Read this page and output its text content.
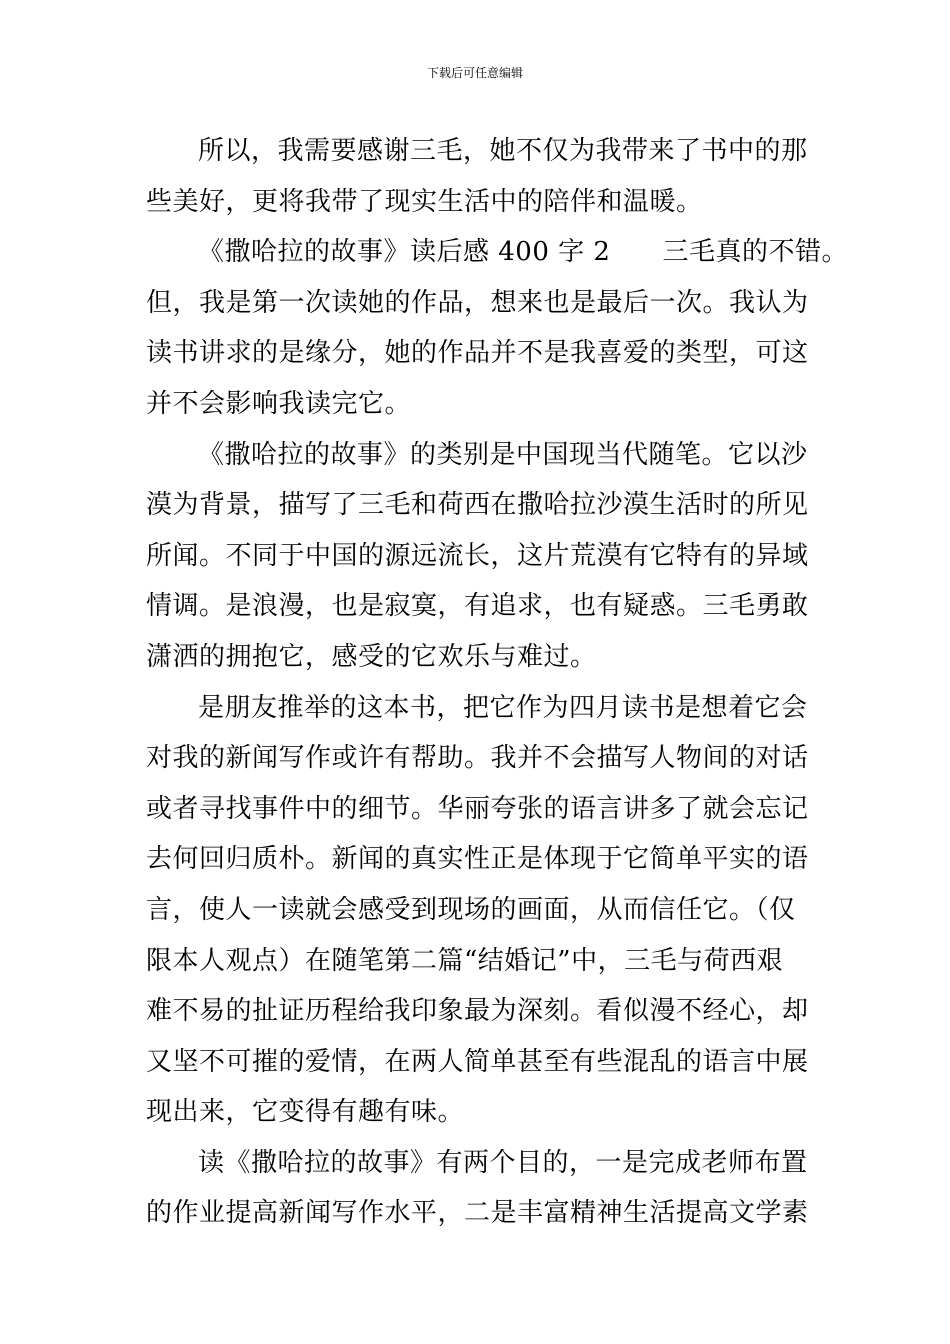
下载后可任意编辑
所以，我需要感谢三毛，她不仅为我带来了书中的那
些美好，更将我带了现实生活中的陪伴和温暖。
《撒哈拉的故事》读后感 400 字 2 三毛真的不错。
但，我是第一次读她的作品，想来也是最后一次。我认为
读书讲求的是缘分，她的作品并不是我喜爱的类型，可这
并不会影响我读完它。
《撒哈拉的故事》的类别是中国现当代随笔。它以沙
漠为背景，描写了三毛和荷西在撒哈拉沙漠生活时的所见
所闻。不同于中国的源远流长，这片荒漠有它特有的异域
情调。是浪漫，也是寂寞，有追求，也有疑惑。三毛勇敢
潇洒的拥抱它，感受的它欢乐与难过。
是朋友推举的这本书，把它作为四月读书是想着它会
对我的新闻写作或许有帮助。我并不会描写人物间的对话
或者寻找事件中的细节。华丽夸张的语言讲多了就会忘记
去何回归质朴。新闻的真实性正是体现于它简单平实的语
言，使人一读就会感受到现场的画面，从而信任它。（仅
限本人观点）在随笔第二篇“结婚记”中，三毛与荷西艰
难不易的扯证历程给我印象最为深刻。看似漫不经心，却
又坚不可摧的爱情，在两人简单甚至有些混乱的语言中展
现出来，它变得有趣有味。
读《撒哈拉的故事》有两个目的，一是完成老师布置
的作业提高新闻写作水平，二是丰富精神生活提高文学素
